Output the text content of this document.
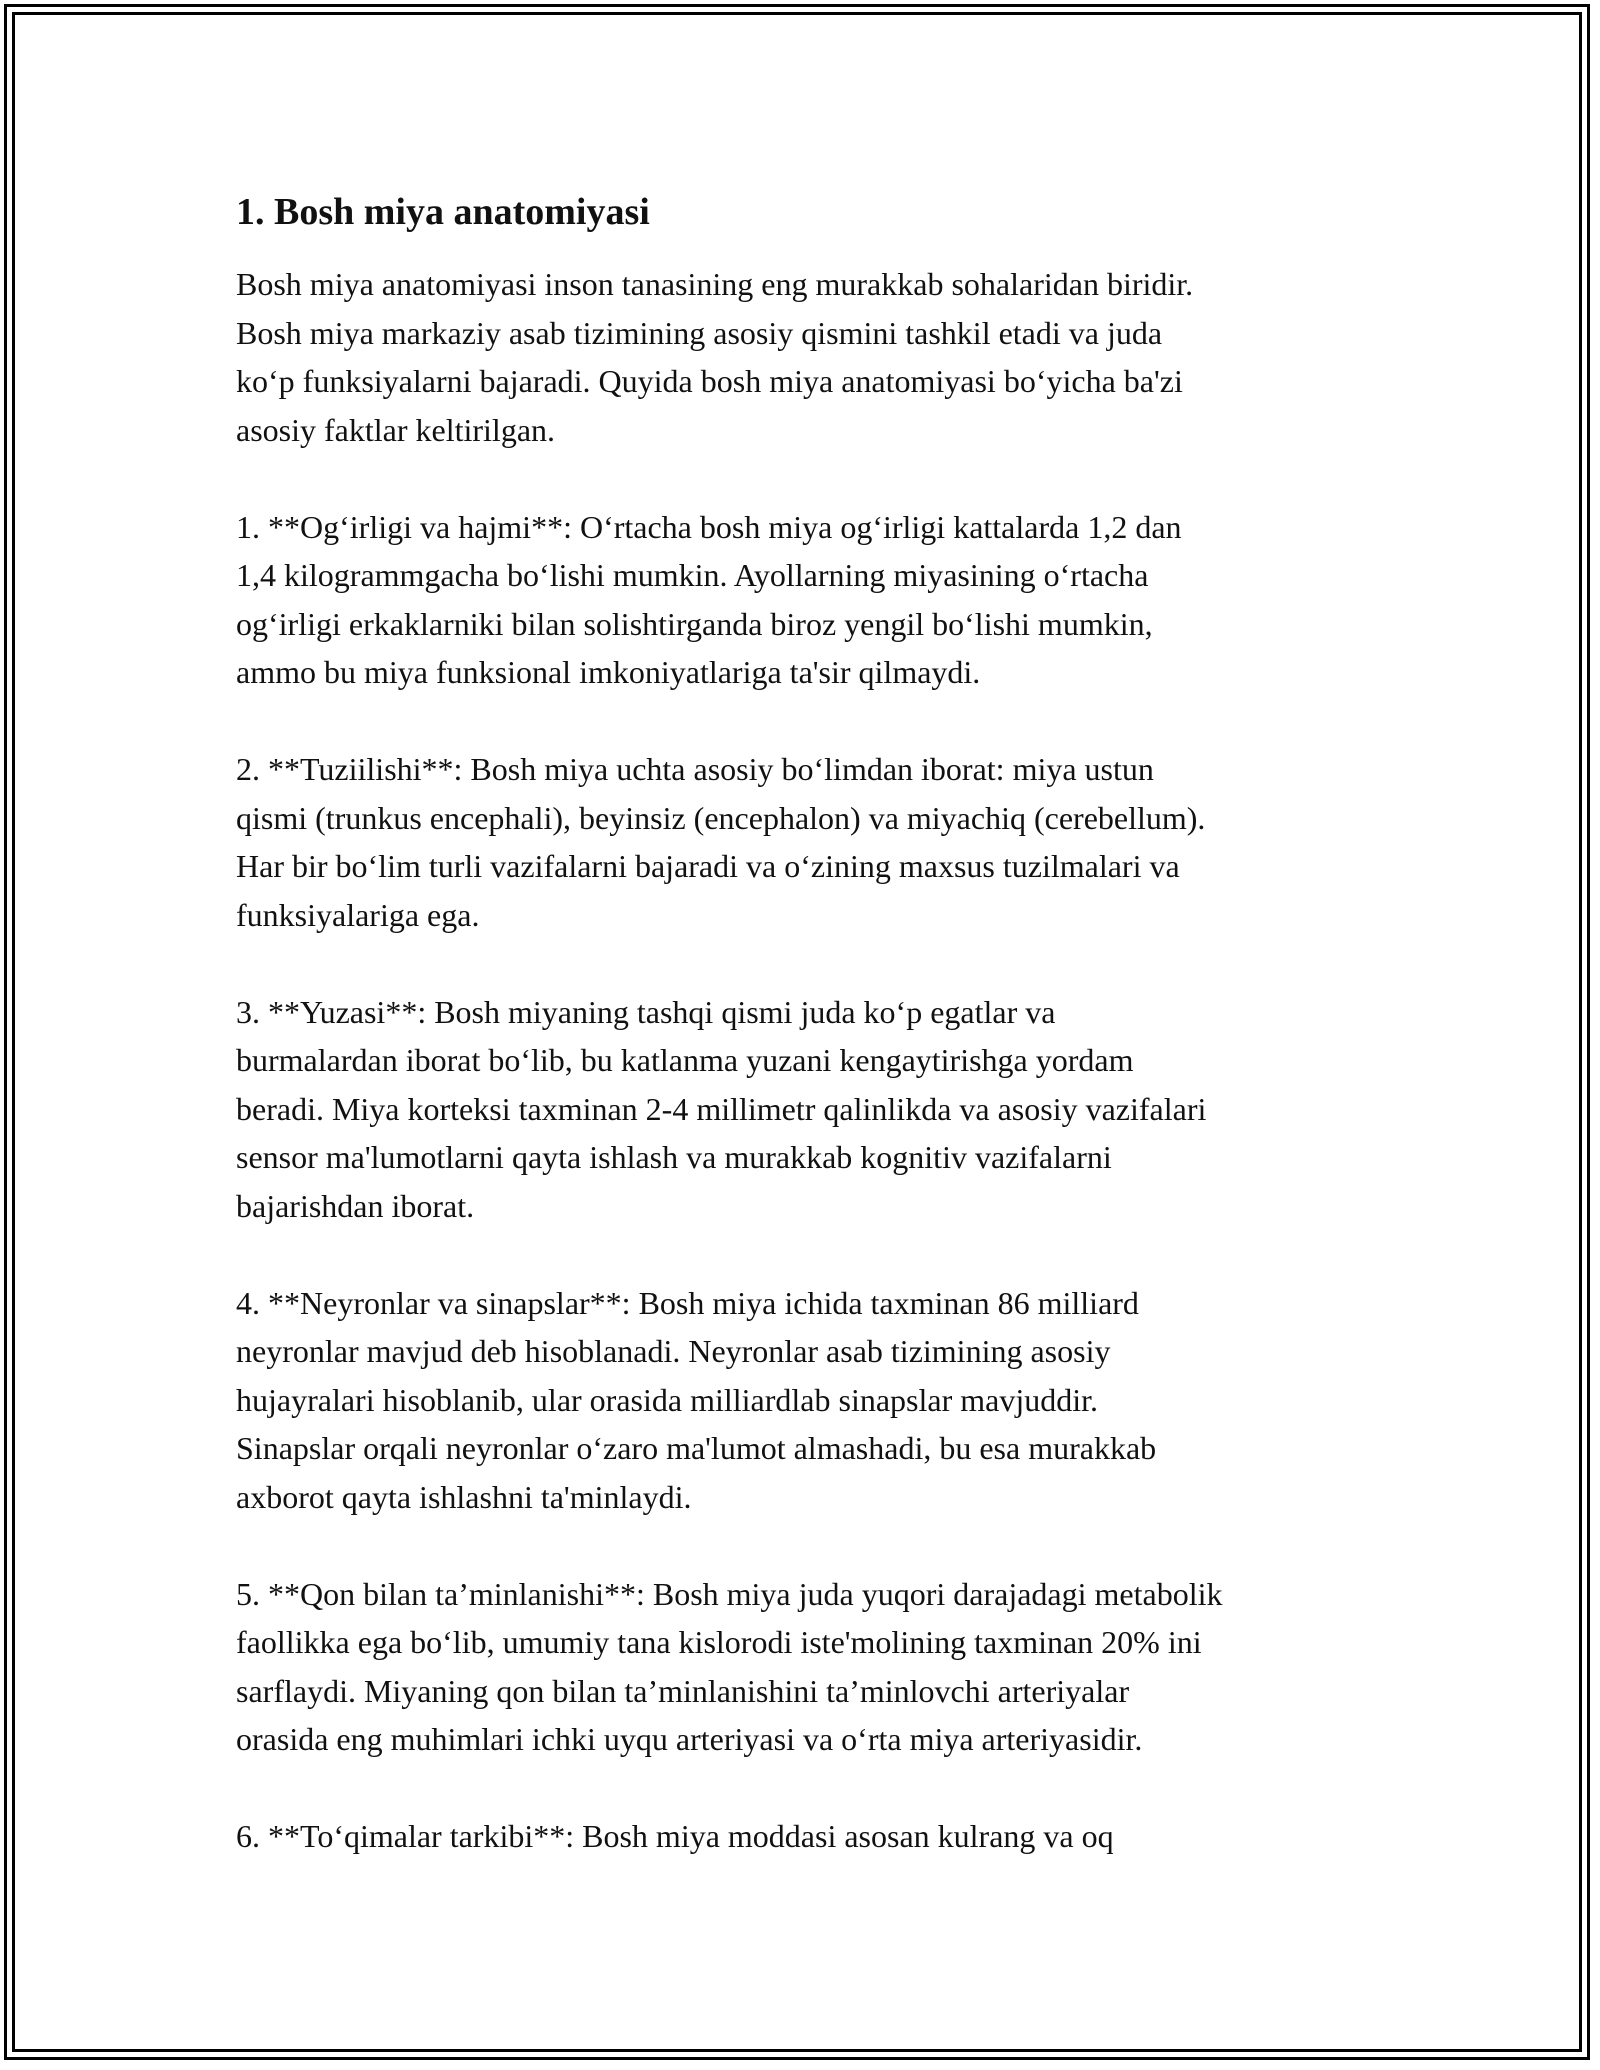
1. Bosh miya anatomiyasi

Bosh miya anatomiyasi inson tanasining eng murakkab sohalaridan biridir.
Bosh miya markaziy asab tizimining asosiy qismini tashkil etadi va juda
ko‘p funksiyalarni bajaradi. Quyida bosh miya anatomiyasi bo‘yicha ba'zi
asosiy faktlar keltirilgan.

1. **Og‘irligi va hajmi**: O‘rtacha bosh miya og‘irligi kattalarda 1,2 dan
1,4 kilogrammgacha bo‘lishi mumkin. Ayollarning miyasining o‘rtacha
og‘irligi erkaklarniki bilan solishtirganda biroz yengil bo‘lishi mumkin,
ammo bu miya funksional imkoniyatlariga ta'sir qilmaydi.

2. **Tuziilishi**: Bosh miya uchta asosiy bo‘limdan iborat: miya ustun
qismi (trunkus encephali), beyinsiz (encephalon) va miyachiq (cerebellum).
Har bir bo‘lim turli vazifalarni bajaradi va o‘zining maxsus tuzilmalari va
funksiyalariga ega.

3. **Yuzasi**: Bosh miyaning tashqi qismi juda ko‘p egatlar va
burmalardan iborat bo‘lib, bu katlanma yuzani kengaytirishga yordam
beradi. Miya korteksi taxminan 2-4 millimetr qalinlikda va asosiy vazifalari
sensor ma'lumotlarni qayta ishlash va murakkab kognitiv vazifalarni
bajarishdan iborat.

4. **Neyronlar va sinapslar**: Bosh miya ichida taxminan 86 milliard
neyronlar mavjud deb hisoblanadi. Neyronlar asab tizimining asosiy
hujayralari hisoblanib, ular orasida milliardlab sinapslar mavjuddir.
Sinapslar orqali neyronlar o‘zaro ma'lumot almashadi, bu esa murakkab
axborot qayta ishlashni ta'minlaydi.

5. **Qon bilan ta’minlanishi**: Bosh miya juda yuqori darajadagi metabolik
faollikka ega bo‘lib, umumiy tana kislorodi iste'molining taxminan 20% ini
sarflaydi. Miyaning qon bilan ta’minlanishini ta’minlovchi arteriyalar
orasida eng muhimlari ichki uyqu arteriyasi va o‘rta miya arteriyasidir.

6. **To‘qimalar tarkibi**: Bosh miya moddasi asosan kulrang va oq
